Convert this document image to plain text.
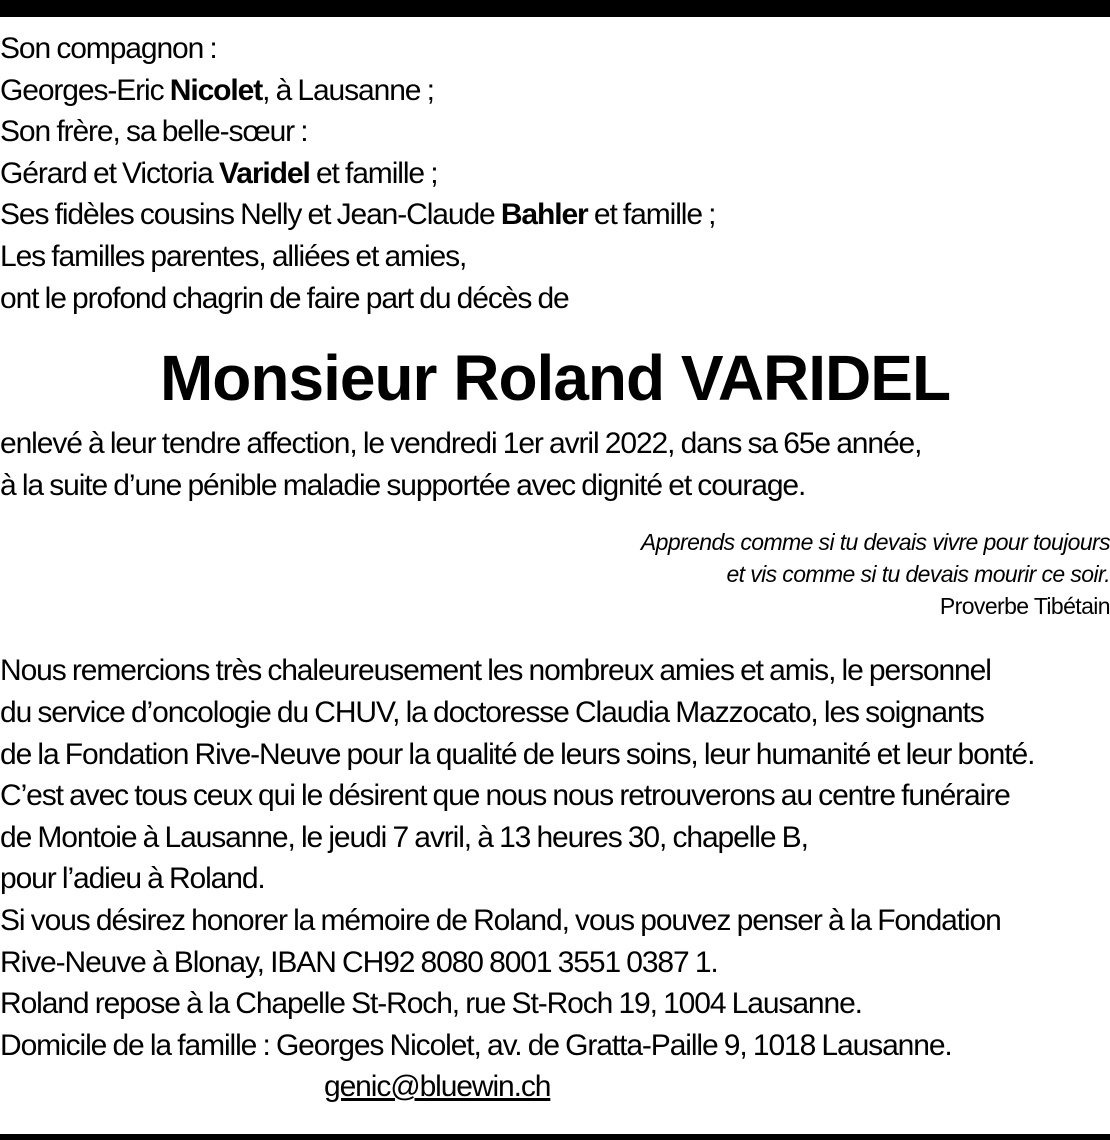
Son compagnon :
Georges-Eric Nicolet, à Lausanne ;
Son frère, sa belle-sœur :
Gérard et Victoria Varidel et famille ;
Ses fidèles cousins Nelly et Jean-Claude Bahler et famille ;
Les familles parentes, alliées et amies,
ont le profond chagrin de faire part du décès de
Monsieur Roland VARIDEL
enlevé à leur tendre affection, le vendredi 1er avril 2022, dans sa 65e année,
à la suite d’une pénible maladie supportée avec dignité et courage.
Apprends comme si tu devais vivre pour toujours
et vis comme si tu devais mourir ce soir.
Proverbe Tibétain
Nous remercions très chaleureusement les nombreux amies et amis, le personnel
du service d’oncologie du CHUV, la doctoresse Claudia Mazzocato, les soignants
de la Fondation Rive-Neuve pour la qualité de leurs soins, leur humanité et leur bonté.
C’est avec tous ceux qui le désirent que nous nous retrouverons au centre funéraire
de Montoie à Lausanne, le jeudi 7 avril, à 13 heures 30, chapelle B,
pour l’adieu à Roland.
Si vous désirez honorer la mémoire de Roland, vous pouvez penser à la Fondation
Rive-Neuve à Blonay, IBAN CH92 8080 8001 3551 0387 1.
Roland repose à la Chapelle St-Roch, rue St-Roch 19, 1004 Lausanne.
Domicile de la famille : Georges Nicolet, av. de Gratta-Paille 9, 1018 Lausanne.
genic@bluewin.ch
